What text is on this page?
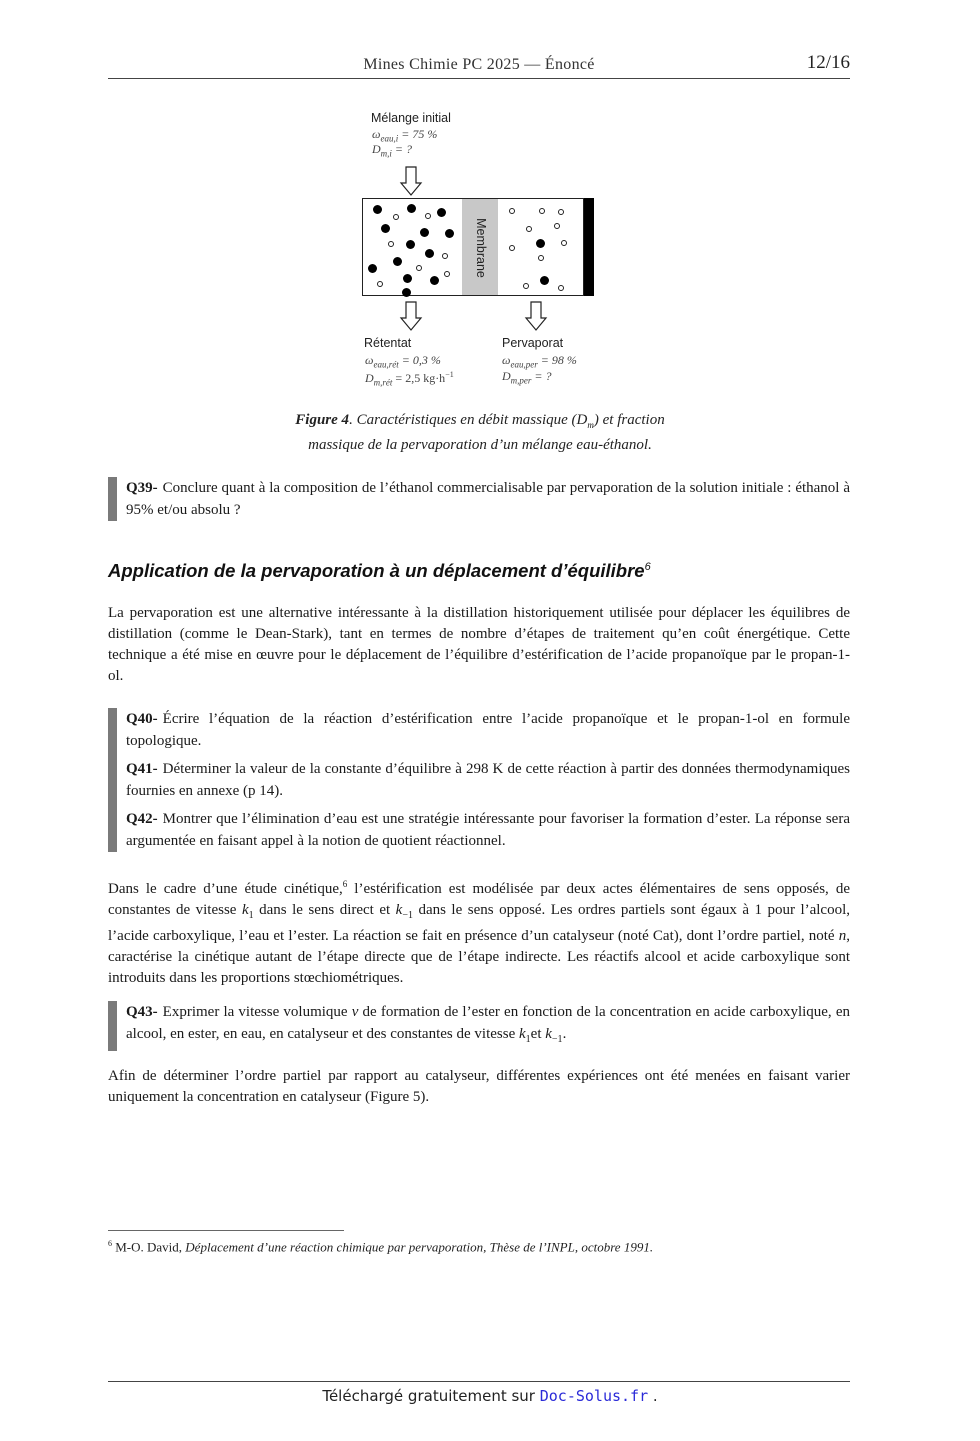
Mines Chimie PC 2025 — Énoncé	12/16
Mélange initial
$\omega_{eau,i} = 75$ %
$D_{m,i}$ = ?
Membrane
Rétentat
$\omega_{eau,rét} = 0,3$ %
$D_{m,rét} = 2,5$ $kg\cdot h^{-1}$
Pervaporat
$\omega_{eau,per} = 98$ %
$D_{m,per}$ = ?
Figure 4. Caractéristiques en débit massique $(D_m)$ et fraction
massique de la pervaporation d’un mélange eau-éthanol.

Q39- Conclure quant à la composition de l’éthanol commercialisable par pervaporation de la solution initiale : éthanol à 95% et/ou absolu ?

Application de la pervaporation à un déplacement d’équilibre$^6$

La pervaporation est une alternative intéressante à la distillation historiquement utilisée pour déplacer les équilibres de distillation (comme le Dean-Stark), tant en termes de nombre d’étapes de traitement qu’en coût énergétique. Cette technique a été mise en œuvre pour le déplacement de l’équilibre d’estérification de l’acide propanoïque par le propan-1-ol.

Q40- Écrire l’équation de la réaction d’estérification entre l’acide propanoïque et le propan-1-ol en formule topologique.

Q41- Déterminer la valeur de la constante d’équilibre à 298 K de cette réaction à partir des données thermodynamiques fournies en annexe (p 14).

Q42- Montrer que l’élimination d’eau est une stratégie intéressante pour favoriser la formation d’ester. La réponse sera argumentée en faisant appel à la notion de quotient réactionnel.

Dans le cadre d’une étude cinétique,$^6$ l’estérification est modélisée par deux actes élémentaires de sens opposés, de constantes de vitesse $k_1$ dans le sens direct et $k_{-1}$ dans le sens opposé. Les ordres partiels sont égaux à 1 pour l’alcool, l’acide carboxylique, l’eau et l’ester. La réaction se fait en présence d’un catalyseur (noté Cat), dont l’ordre partiel, noté n, caractérise la cinétique autant de l’étape directe que de l’étape indirecte. Les réactifs alcool et acide carboxylique sont introduits dans les proportions stœchiométriques.

Q43- Exprimer la vitesse volumique v de formation de l’ester en fonction de la concentration en acide carboxylique, en alcool, en ester, en eau, en catalyseur et des constantes de vitesse $k_1et$ $k_{-1}$.

Afin de déterminer l’ordre partiel par rapport au catalyseur, différentes expériences ont été menées en faisant varier uniquement la concentration en catalyseur (Figure 5).

$^6$ M-O. David, Déplacement d’une réaction chimique par pervaporation, Thèse de l’INPL, octobre 1991.
Téléchargé gratuitement sur Doc-Solus.fr .
